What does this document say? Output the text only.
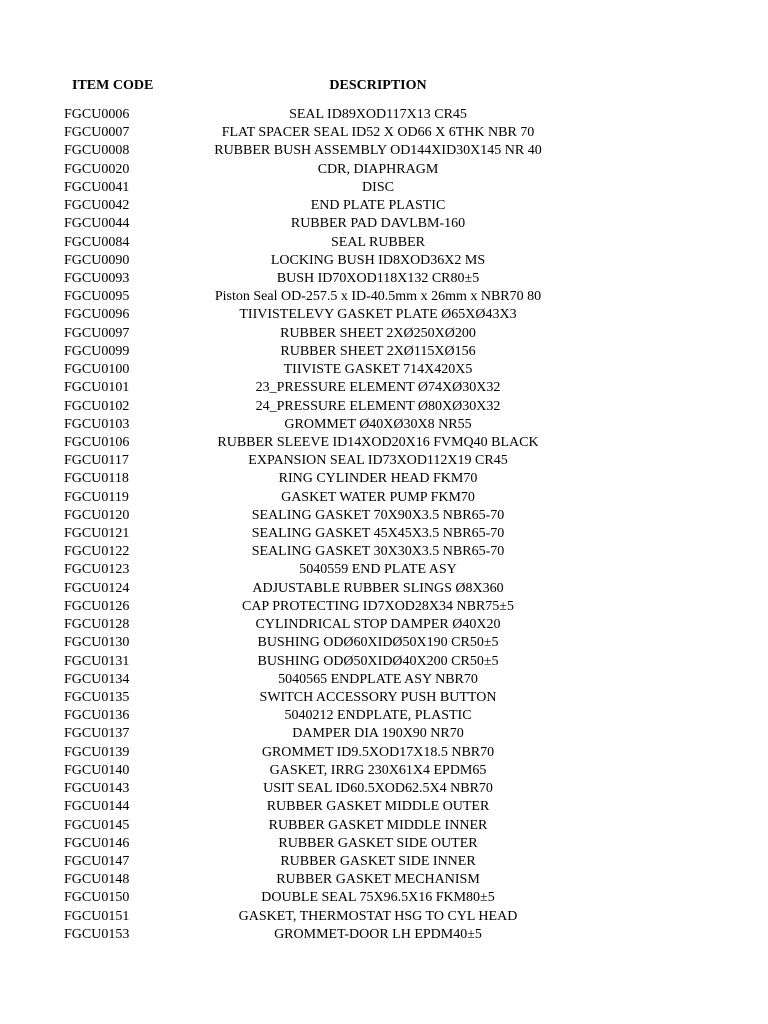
ITEM CODE	DESCRIPTION
FGCU0006	SEAL ID89XOD117X13 CR45
FGCU0007	FLAT SPACER SEAL ID52 X OD66 X 6THK NBR 70
FGCU0008	RUBBER BUSH ASSEMBLY OD144XID30X145 NR 40
FGCU0020	CDR, DIAPHRAGM
FGCU0041	DISC
FGCU0042	END PLATE PLASTIC
FGCU0044	RUBBER PAD DAVLBM-160
FGCU0084	SEAL RUBBER
FGCU0090	LOCKING BUSH ID8XOD36X2 MS
FGCU0093	BUSH ID70XOD118X132 CR80±5
FGCU0095	Piston Seal OD-257.5 x ID-40.5mm x 26mm x NBR70 80
FGCU0096	TIIVISTELEVY GASKET PLATE Ø65XØ43X3
FGCU0097	RUBBER SHEET 2XØ250XØ200
FGCU0099	RUBBER SHEET 2XØ115XØ156
FGCU0100	TIIVISTE GASKET 714X420X5
FGCU0101	23_PRESSURE ELEMENT Ø74XØ30X32
FGCU0102	24_PRESSURE ELEMENT Ø80XØ30X32
FGCU0103	GROMMET Ø40XØ30X8 NR55
FGCU0106	RUBBER SLEEVE ID14XOD20X16 FVMQ40 BLACK
FGCU0117	EXPANSION SEAL ID73XOD112X19 CR45
FGCU0118	RING CYLINDER HEAD FKM70
FGCU0119	GASKET WATER PUMP FKM70
FGCU0120	SEALING GASKET 70X90X3.5 NBR65-70
FGCU0121	SEALING GASKET 45X45X3.5 NBR65-70
FGCU0122	SEALING GASKET 30X30X3.5 NBR65-70
FGCU0123	5040559 END PLATE ASY
FGCU0124	ADJUSTABLE RUBBER SLINGS Ø8X360
FGCU0126	CAP PROTECTING ID7XOD28X34 NBR75±5
FGCU0128	CYLINDRICAL STOP DAMPER Ø40X20
FGCU0130	BUSHING ODØ60XIDØ50X190 CR50±5
FGCU0131	BUSHING ODØ50XIDØ40X200 CR50±5
FGCU0134	5040565 ENDPLATE ASY NBR70
FGCU0135	SWITCH ACCESSORY PUSH BUTTON
FGCU0136	5040212 ENDPLATE, PLASTIC
FGCU0137	DAMPER DIA 190X90 NR70
FGCU0139	GROMMET ID9.5XOD17X18.5 NBR70
FGCU0140	GASKET, IRRG 230X61X4 EPDM65
FGCU0143	USIT SEAL ID60.5XOD62.5X4 NBR70
FGCU0144	RUBBER GASKET MIDDLE OUTER
FGCU0145	RUBBER GASKET MIDDLE INNER
FGCU0146	RUBBER GASKET SIDE OUTER
FGCU0147	RUBBER GASKET SIDE INNER
FGCU0148	RUBBER GASKET MECHANISM
FGCU0150	DOUBLE SEAL 75X96.5X16 FKM80±5
FGCU0151	GASKET, THERMOSTAT HSG TO CYL HEAD
FGCU0153	GROMMET-DOOR LH EPDM40±5
